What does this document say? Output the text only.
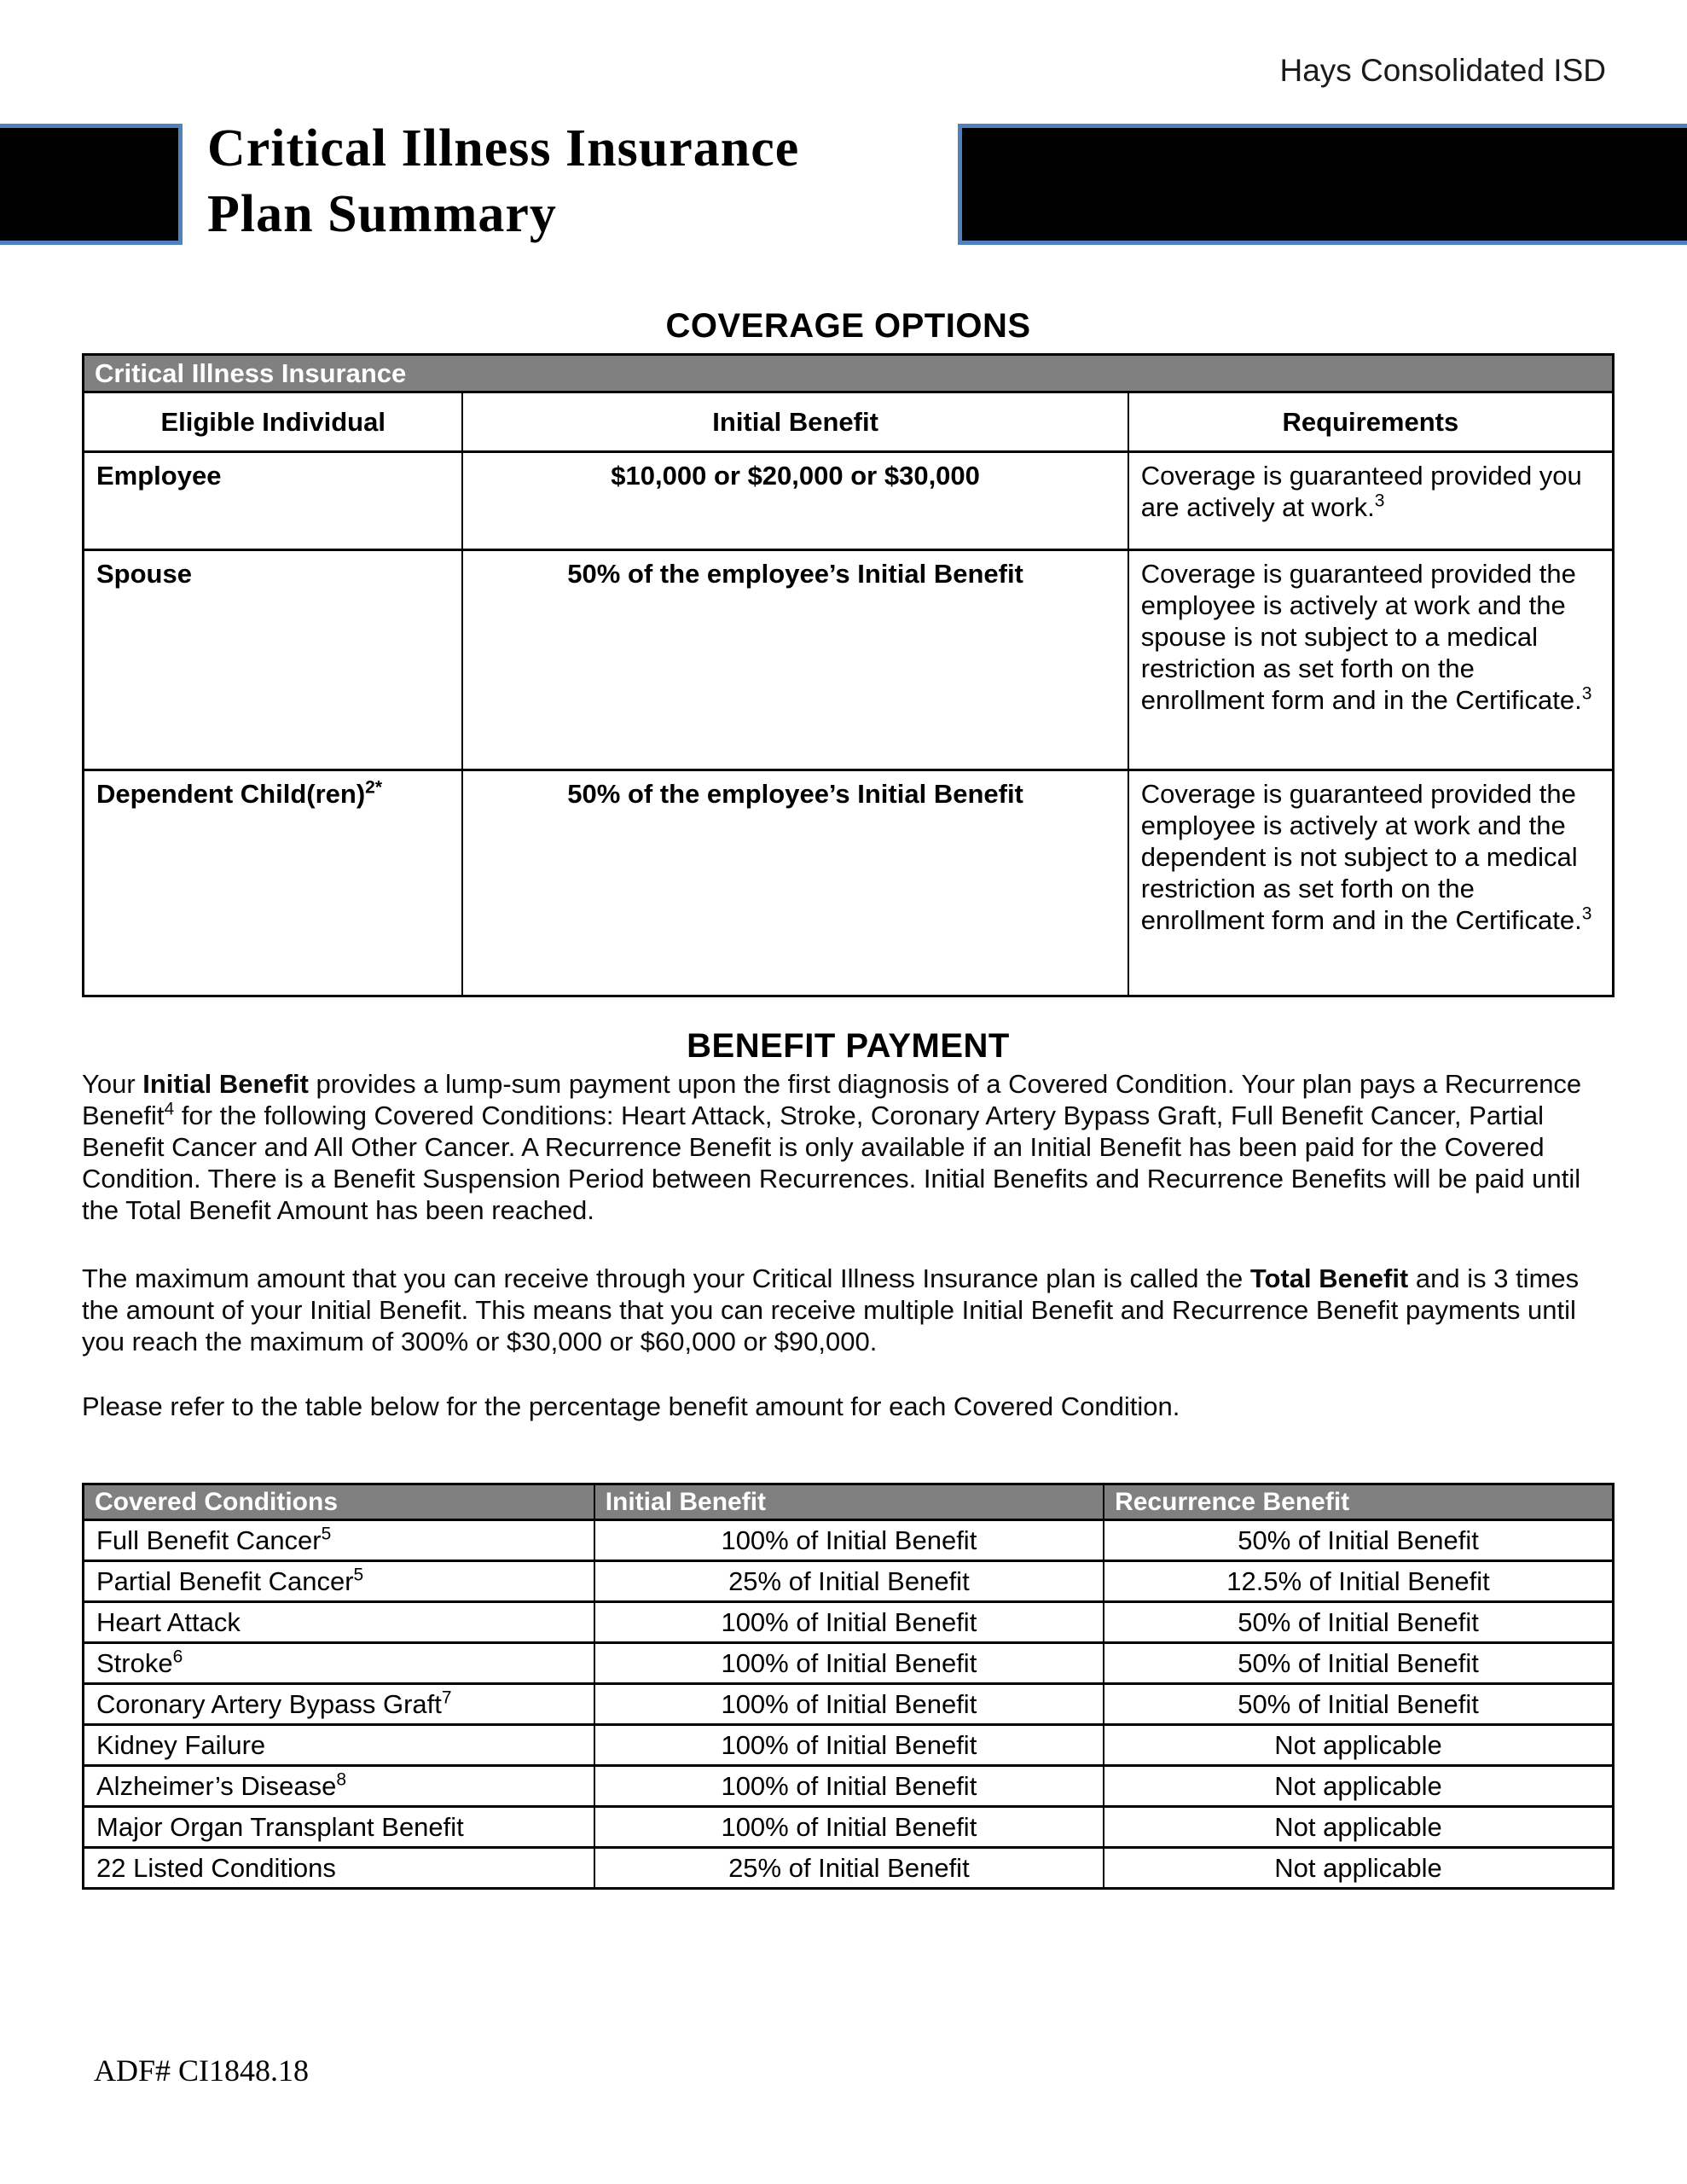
Hays Consolidated ISD
Critical Illness Insurance
Plan Summary
COVERAGE OPTIONS
Critical Illness Insurance		
Eligible Individual	Initial Benefit	Requirements
Employee	$10,000 or $20,000 or $30,000	Coverage is guaranteed provided you are actively at work.$^3$
Spouse	50% of the employee’s Initial Benefit	Coverage is guaranteed provided the employee is actively at work and the spouse is not subject to a medical restriction as set forth on the enrollment form and in the Certificate.$^3$
Dependent Child(ren)$^{2*}$	50% of the employee’s Initial Benefit	Coverage is guaranteed provided the employee is actively at work and the dependent is not subject to a medical restriction as set forth on the enrollment form and in the Certificate.$^3$
BENEFIT PAYMENT
Your Initial Benefit provides a lump-sum payment upon the first diagnosis of a Covered Condition. Your plan pays a Recurrence Benefit$^4$ for the following Covered Conditions: Heart Attack, Stroke, Coronary Artery Bypass Graft, Full Benefit Cancer, Partial Benefit Cancer and All Other Cancer. A Recurrence Benefit is only available if an Initial Benefit has been paid for the Covered Condition. There is a Benefit Suspension Period between Recurrences. Initial Benefits and Recurrence Benefits will be paid until the Total Benefit Amount has been reached.
The maximum amount that you can receive through your Critical Illness Insurance plan is called the Total Benefit and is 3 times the amount of your Initial Benefit. This means that you can receive multiple Initial Benefit and Recurrence Benefit payments until you reach the maximum of 300% or $30,000 or $60,000 or $90,000.
Please refer to the table below for the percentage benefit amount for each Covered Condition.
Covered Conditions	Initial Benefit	Recurrence Benefit
Full Benefit Cancer$^5$	100% of Initial Benefit	50% of Initial Benefit
Partial Benefit Cancer$^5$	25% of Initial Benefit	12.5% of Initial Benefit
Heart Attack	100% of Initial Benefit	50% of Initial Benefit
Stroke$^6$	100% of Initial Benefit	50% of Initial Benefit
Coronary Artery Bypass Graft$^7$	100% of Initial Benefit	50% of Initial Benefit
Kidney Failure	100% of Initial Benefit	Not applicable
Alzheimer’s Disease$^8$	100% of Initial Benefit	Not applicable
Major Organ Transplant Benefit	100% of Initial Benefit	Not applicable
22 Listed Conditions	25% of Initial Benefit	Not applicable
ADF# CI1848.18
